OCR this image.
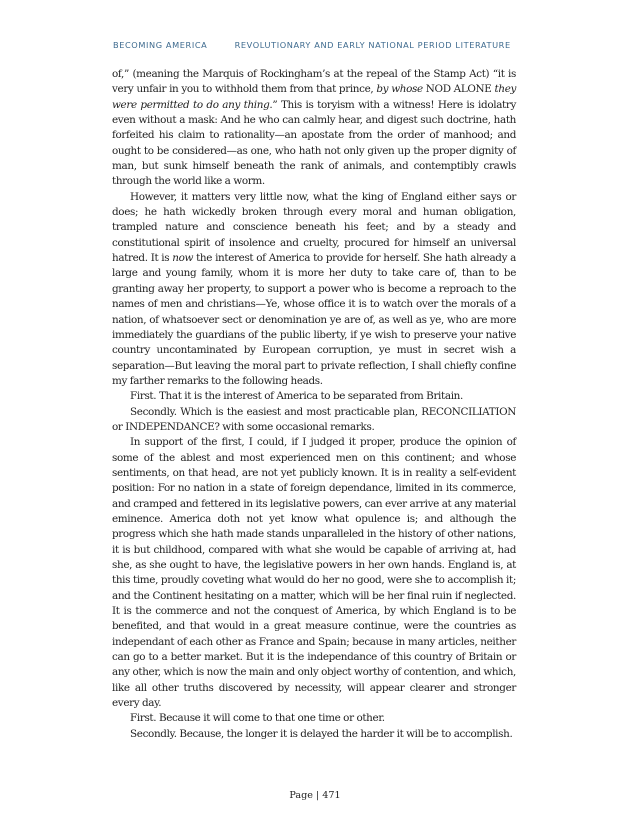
BECOMING AMERICA	REVOLUTIONARY AND EARLY NATIONAL PERIOD LITERATURE

of,” (meaning the Marquis of Rockingham’s at the repeal of the Stamp Act) “it is very unfair in you to withhold them from that prince, by whose NOD ALONE they were permitted to do any thing.” This is toryism with a witness! Here is idolatry even without a mask: And he who can calmly hear, and digest such doctrine, hath forfeited his claim to rationality—an apostate from the order of manhood; and ought to be considered—as one, who hath not only given up the proper dignity of man, but sunk himself beneath the rank of animals, and contemptibly crawls through the world like a worm.

However, it matters very little now, what the king of England either says or does; he hath wickedly broken through every moral and human obligation, trampled nature and conscience beneath his feet; and by a steady and constitutional spirit of insolence and cruelty, procured for himself an universal hatred. It is now the interest of America to provide for herself. She hath already a large and young family, whom it is more her duty to take care of, than to be granting away her property, to support a power who is become a reproach to the names of men and christians—Ye, whose office it is to watch over the morals of a nation, of whatsoever sect or denomination ye are of, as well as ye, who are more immediately the guardians of the public liberty, if ye wish to preserve your native country uncontaminated by European corruption, ye must in secret wish a separation—But leaving the moral part to private reflection, I shall chiefly confine my farther remarks to the following heads.

First. That it is the interest of America to be separated from Britain.

Secondly. Which is the easiest and most practicable plan, RECONCILIATION or INDEPENDANCE? with some occasional remarks.

In support of the first, I could, if I judged it proper, produce the opinion of some of the ablest and most experienced men on this continent; and whose sentiments, on that head, are not yet publicly known. It is in reality a self-evident position: For no nation in a state of foreign dependance, limited in its commerce, and cramped and fettered in its legislative powers, can ever arrive at any material eminence. America doth not yet know what opulence is; and although the progress which she hath made stands unparalleled in the history of other nations, it is but childhood, compared with what she would be capable of arriving at, had she, as she ought to have, the legislative powers in her own hands. England is, at this time, proudly coveting what would do her no good, were she to accomplish it; and the Continent hesitating on a matter, which will be her final ruin if neglected. It is the commerce and not the conquest of America, by which England is to be benefited, and that would in a great measure continue, were the countries as independant of each other as France and Spain; because in many articles, neither can go to a better market. But it is the independance of this country of Britain or any other, which is now the main and only object worthy of contention, and which, like all other truths discovered by necessity, will appear clearer and stronger every day.

First. Because it will come to that one time or other.

Secondly. Because, the longer it is delayed the harder it will be to accomplish.

Page | 471
